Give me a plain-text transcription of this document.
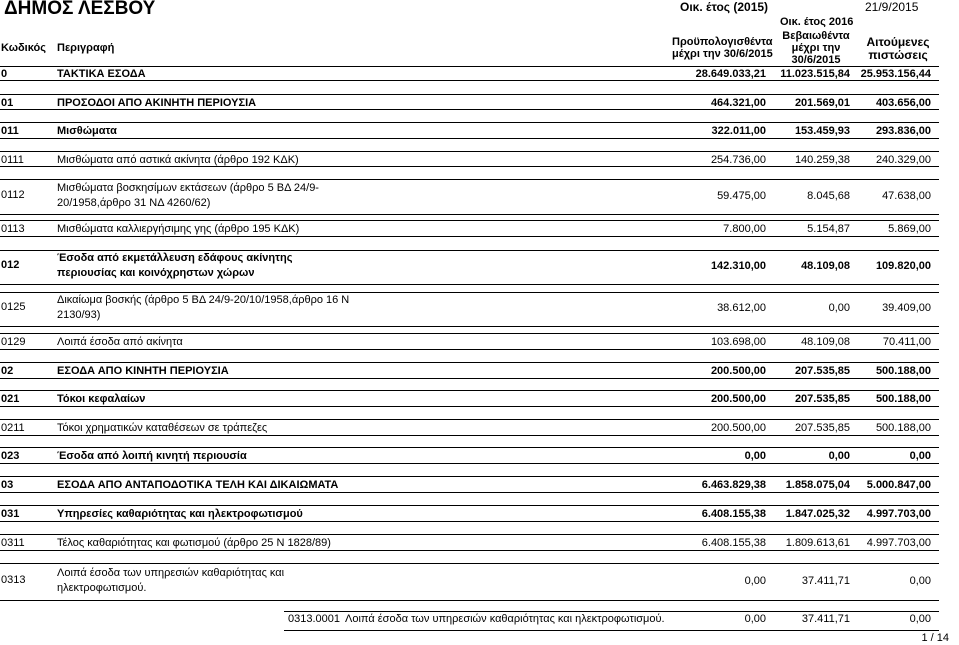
ΔΗΜΟΣ ΛΕΣΒΟΥ	Οικ. έτος (2015)	21/9/2015
Οικ. έτος 2016
Κωδικός Περιγραφή	Προϋπολογισθέντα
μέχρι την 30/6/2015
Βεβαιωθέντα
μέχρι την
30/6/2015
Αιτούμενες
πιστώσεις
0	ΤΑΚΤΙΚΑ ΕΣΟΔΑ	28.649.033,21 11.023.515,84 25.953.156,44
01	ΠΡΟΣΟΔΟΙ ΑΠΟ ΑΚΙΝΗΤΗ ΠΕΡΙΟΥΣΙΑ	464.321,00	201.569,01 403.656,00
011	Μισθώματα	322.011,00	153.459,93 293.836,00
0111	Μισθώματα από αστικά ακίνητα (άρθρο 192 ΚΔΚ)	254.736,00	140.259,38 240.329,00
0112
Μισθώματα βοσκησίμων εκτάσεων (άρθρο 5 ΒΔ 24/9-
20/1958,άρθρο 31 ΝΔ 4260/62)
59.475,00	8.045,68	47.638,00
0113	Μισθώματα καλλιεργήσιμης γης (άρθρο 195 ΚΔΚ)	7.800,00	5.154,87	5.869,00
012
Έσοδα από εκμετάλλευση εδάφους ακίνητης
περιουσίας και κοινόχρηστων χώρων
142.310,00	48.109,08 109.820,00
0125
Δικαίωμα βοσκής (άρθρο 5 ΒΔ 24/9-20/10/1958,άρθρο 16 Ν
2130/93)
38.612,00	0,00	39.409,00
0129	Λοιπά έσοδα από ακίνητα	103.698,00	48.109,08	70.411,00
02	ΕΣΟΔΑ ΑΠΟ ΚΙΝΗΤΗ ΠΕΡΙΟΥΣΙΑ	200.500,00	207.535,85 500.188,00
021	Τόκοι κεφαλαίων	200.500,00	207.535,85 500.188,00
0211	Τόκοι χρηματικών καταθέσεων σε τράπεζες	200.500,00	207.535,85 500.188,00
023	Έσοδα από λοιπή κινητή περιουσία	0,00	0,00	0,00
03	ΕΣΟΔΑ ΑΠΟ ΑΝΤΑΠΟΔΟΤΙΚΑ ΤΕΛΗ ΚΑΙ ΔΙΚΑΙΩΜΑΤΑ	6.463.829,38 1.858.075,04 5.000.847,00
031	Υπηρεσίες καθαριότητας και ηλεκτροφωτισμού	6.408.155,38 1.847.025,32 4.997.703,00
0311	Τέλος καθαριότητας και φωτισμού (άρθρο 25 Ν 1828/89)	6.408.155,38 1.809.613,61 4.997.703,00
0313
Λοιπά έσοδα των υπηρεσιών καθαριότητας και
ηλεκτροφωτισμού.
0,00	37.411,71	0,00
0313.0001 Λοιπά έσοδα των υπηρεσιών καθαριότητας και ηλεκτροφωτισμού.	0,00	37.411,71	0,00
1 / 14
